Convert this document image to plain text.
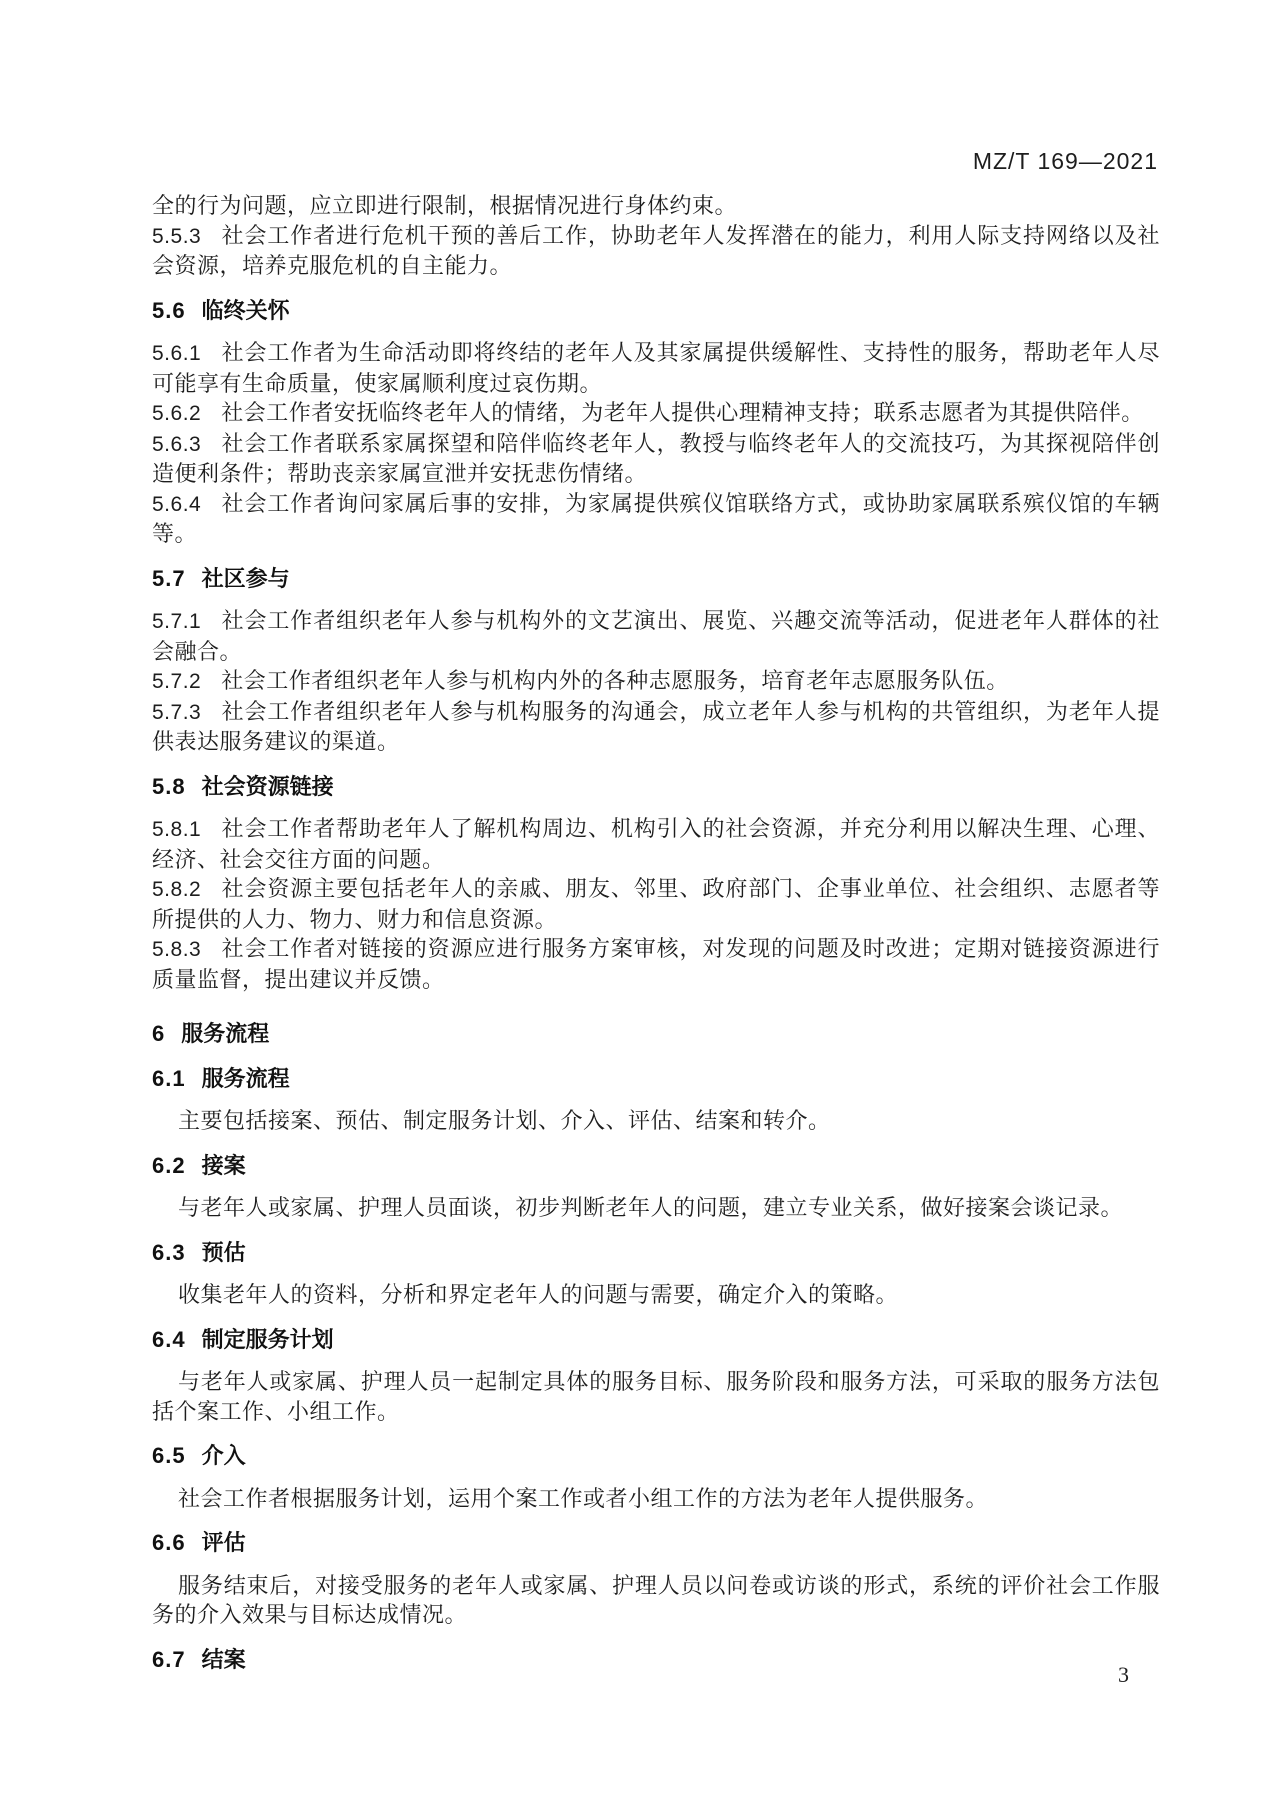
MZ/T 169—2021

全的行为问题，应立即进行限制，根据情况进行身体约束。

5.5.3 社会工作者进行危机干预的善后工作，协助老年人发挥潜在的能力，利用人际支持网络以及社会资源，培养克服危机的自主能力。

5.6 临终关怀

5.6.1 社会工作者为生命活动即将终结的老年人及其家属提供缓解性、支持性的服务，帮助老年人尽可能享有生命质量，使家属顺利度过哀伤期。

5.6.2 社会工作者安抚临终老年人的情绪，为老年人提供心理精神支持；联系志愿者为其提供陪伴。

5.6.3 社会工作者联系家属探望和陪伴临终老年人，教授与临终老年人的交流技巧，为其探视陪伴创造便利条件；帮助丧亲家属宣泄并安抚悲伤情绪。

5.6.4 社会工作者询问家属后事的安排，为家属提供殡仪馆联络方式，或协助家属联系殡仪馆的车辆等。

5.7 社区参与

5.7.1 社会工作者组织老年人参与机构外的文艺演出、展览、兴趣交流等活动，促进老年人群体的社会融合。

5.7.2 社会工作者组织老年人参与机构内外的各种志愿服务，培育老年志愿服务队伍。

5.7.3 社会工作者组织老年人参与机构服务的沟通会，成立老年人参与机构的共管组织，为老年人提供表达服务建议的渠道。

5.8 社会资源链接

5.8.1 社会工作者帮助老年人了解机构周边、机构引入的社会资源，并充分利用以解决生理、心理、经济、社会交往方面的问题。

5.8.2 社会资源主要包括老年人的亲戚、朋友、邻里、政府部门、企事业单位、社会组织、志愿者等所提供的人力、物力、财力和信息资源。

5.8.3 社会工作者对链接的资源应进行服务方案审核，对发现的问题及时改进；定期对链接资源进行质量监督，提出建议并反馈。

6 服务流程
6.1 服务流程

主要包括接案、预估、制定服务计划、介入、评估、结案和转介。

6.2 接案

与老年人或家属、护理人员面谈，初步判断老年人的问题，建立专业关系，做好接案会谈记录。

6.3 预估

收集老年人的资料，分析和界定老年人的问题与需要，确定介入的策略。

6.4 制定服务计划

与老年人或家属、护理人员一起制定具体的服务目标、服务阶段和服务方法，可采取的服务方法包括个案工作、小组工作。

6.5 介入

社会工作者根据服务计划，运用个案工作或者小组工作的方法为老年人提供服务。

6.6 评估

服务结束后，对接受服务的老年人或家属、护理人员以问卷或访谈的形式，系统的评价社会工作服务的介入效果与目标达成情况。

6.7 结案
3
